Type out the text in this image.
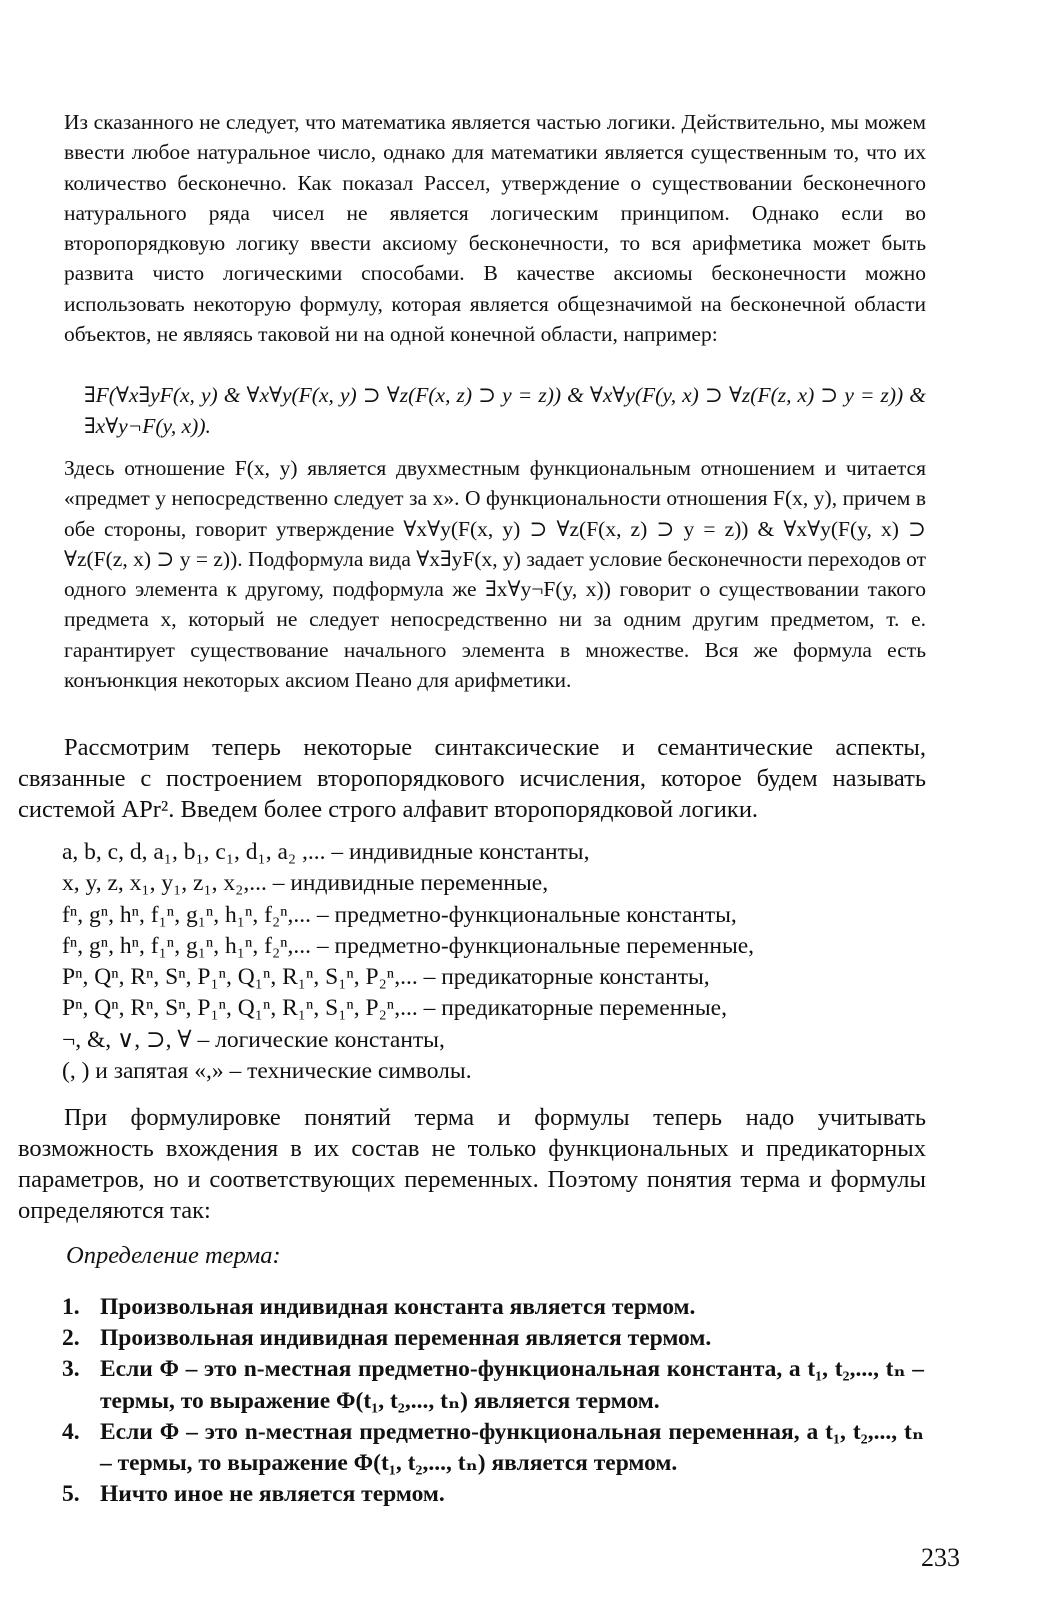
Из сказанного не следует, что математика является частью логики. Действительно, мы можем ввести любое натуральное число, однако для математики является существенным то, что их количество бесконечно. Как показал Рассел, утверждение о существовании бесконечного натурального ряда чисел не является логическим принципом. Однако если во второпорядковую логику ввести аксиому бесконечности, то вся арифметика может быть развита чисто логическими способами. В качестве аксиомы бесконечности можно использовать некоторую формулу, которая является общезначимой на бесконечной области объектов, не являясь таковой ни на одной конечной области, например:

∃F(∀x∃yF(x, y) & ∀x∀y(F(x, y) ⊃ ∀z(F(x, z) ⊃ y = z)) & ∀x∀y(F(y, x) ⊃ ∀z(F(z, x) ⊃ y = z)) & ∃x∀y¬F(y, x)).

Здесь отношение F(x, y) является двухместным функциональным отношением и читается «предмет y непосредственно следует за x». О функциональности отношения F(x, y), причем в обе стороны, говорит утверждение ∀x∀y(F(x, y) ⊃ ∀z(F(x, z) ⊃ y = z)) & ∀x∀y(F(y, x) ⊃ ∀z(F(z, x) ⊃ y = z)). Подформула вида ∀x∃yF(x, y) задает условие бесконечности переходов от одного элемента к другому, подформула же ∃x∀y¬F(y, x)) говорит о существовании такого предмета x, который не следует непосредственно ни за одним другим предметом, т. е. гарантирует существование начального элемента в множестве. Вся же формула есть конъюнкция некоторых аксиом Пеано для арифметики.

Рассмотрим теперь некоторые синтаксические и семантические аспекты, связанные с построением второпорядкового исчисления, которое будем называть системой APr². Введем более строго алфавит второпорядковой логики.

a, b, c, d, a₁, b₁, c₁, d₁, a₂ ,... – индивидные константы,
x, y, z, x₁, y₁, z₁, x₂,... – индивидные переменные,
fⁿ, gⁿ, hⁿ, f₁ⁿ, g₁ⁿ, h₁ⁿ, f₂ⁿ,... – предметно-функциональные константы,
fⁿ, gⁿ, hⁿ, f₁ⁿ, g₁ⁿ, h₁ⁿ, f₂ⁿ,... – предметно-функциональные переменные,
Pⁿ, Qⁿ, Rⁿ, Sⁿ, P₁ⁿ, Q₁ⁿ, R₁ⁿ, S₁ⁿ, P₂ⁿ,... – предикаторные константы,
Pⁿ, Qⁿ, Rⁿ, Sⁿ, P₁ⁿ, Q₁ⁿ, R₁ⁿ, S₁ⁿ, P₂ⁿ,... – предикаторные переменные,
¬, &, ∨, ⊃, ∀ – логические константы,
(, ) и запятая «,» – технические символы.

При формулировке понятий терма и формулы теперь надо учитывать возможность вхождения в их состав не только функциональных и предикаторных параметров, но и соответствующих переменных. Поэтому понятия терма и формулы определяются так:

Определение терма:
1. Произвольная индивидная константа является термом.
2. Произвольная индивидная переменная является термом.
3. Если Φ – это n-местная предметно-функциональная константа, а t₁, t₂,..., tₙ – термы, то выражение Φ(t₁, t₂,..., tₙ) является термом.
4. Если Φ – это n-местная предметно-функциональная переменная, а t₁, t₂,..., tₙ – термы, то выражение Φ(t₁, t₂,..., tₙ) является термом.
5. Ничто иное не является термом.
233
